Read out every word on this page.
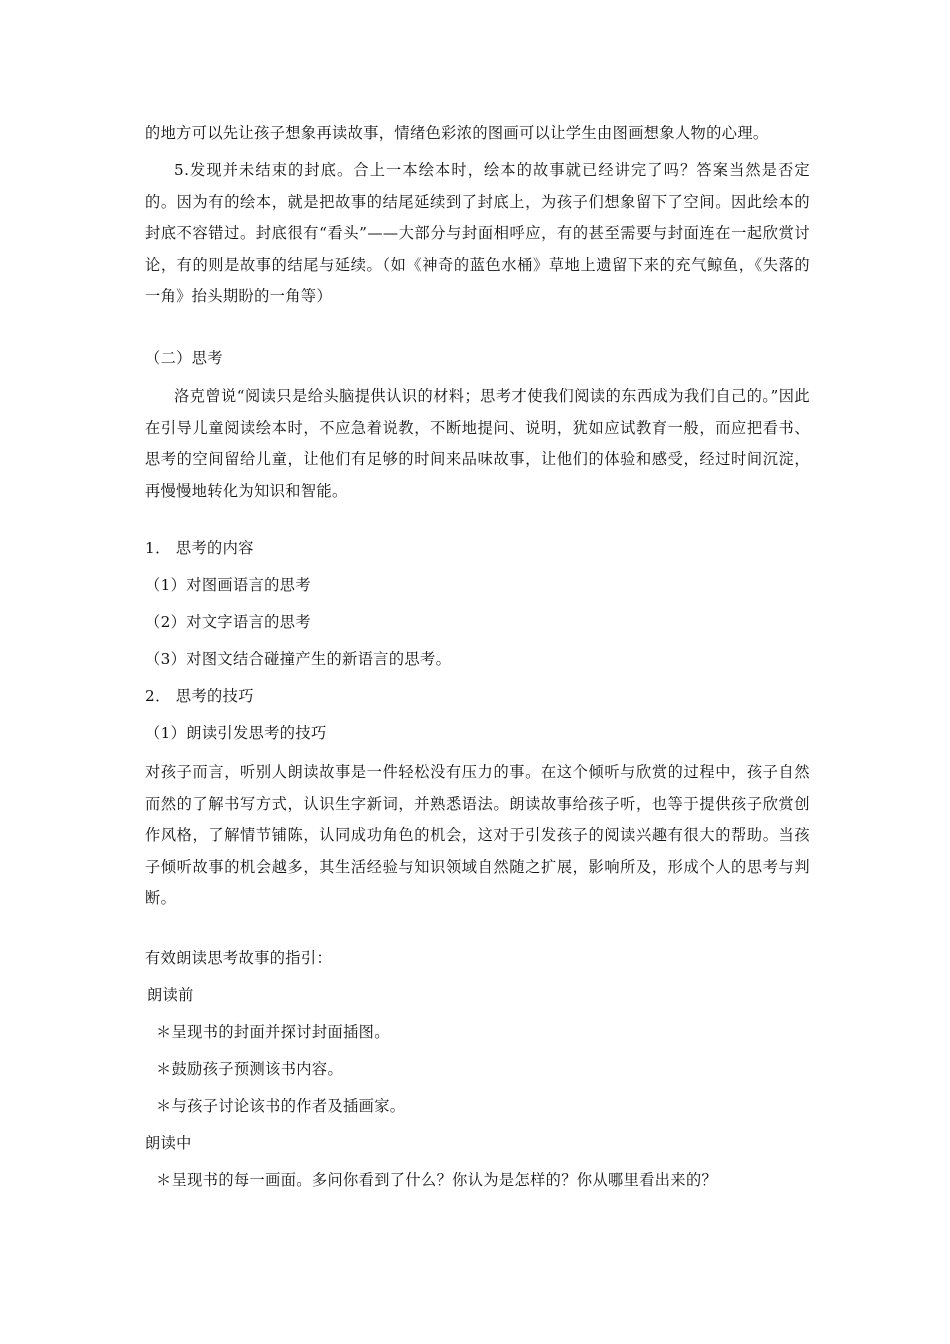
的地方可以先让孩子想象再读故事，情绪色彩浓的图画可以让学生由图画想象人物的心理。

5.发现并未结束的封底。合上一本绘本时，绘本的故事就已经讲完了吗？答案当然是否定的。因为有的绘本，就是把故事的结尾延续到了封底上，为孩子们想象留下了空间。因此绘本的封底不容错过。封底很有“看头”——大部分与封面相呼应，有的甚至需要与封面连在一起欣赏讨论，有的则是故事的结尾与延续。（如《神奇的蓝色水桶》草地上遗留下来的充气鲸鱼，《失落的一角》抬头期盼的一角等）

（二）思考

洛克曾说“阅读只是给头脑提供认识的材料；思考才使我们阅读的东西成为我们自己的。”因此在引导儿童阅读绘本时，不应急着说教，不断地提问、说明，犹如应试教育一般，而应把看书、思考的空间留给儿童，让他们有足够的时间来品味故事，让他们的体验和感受，经过时间沉淀，再慢慢地转化为知识和智能。

1． 思考的内容

（1）对图画语言的思考

（2）对文字语言的思考

（3）对图文结合碰撞产生的新语言的思考。

2． 思考的技巧

（1）朗读引发思考的技巧

对孩子而言，听别人朗读故事是一件轻松没有压力的事。在这个倾听与欣赏的过程中，孩子自然而然的了解书写方式，认识生字新词，并熟悉语法。朗读故事给孩子听，也等于提供孩子欣赏创作风格，了解情节铺陈，认同成功角色的机会，这对于引发孩子的阅读兴趣有很大的帮助。当孩子倾听故事的机会越多，其生活经验与知识领域自然随之扩展，影响所及，形成个人的思考与判断。

有效朗读思考故事的指引：

朗读前

＊呈现书的封面并探讨封面插图。

＊鼓励孩子预测该书内容。

＊与孩子讨论该书的作者及插画家。

朗读中

＊呈现书的每一画面。多问你看到了什么？你认为是怎样的？你从哪里看出来的？
